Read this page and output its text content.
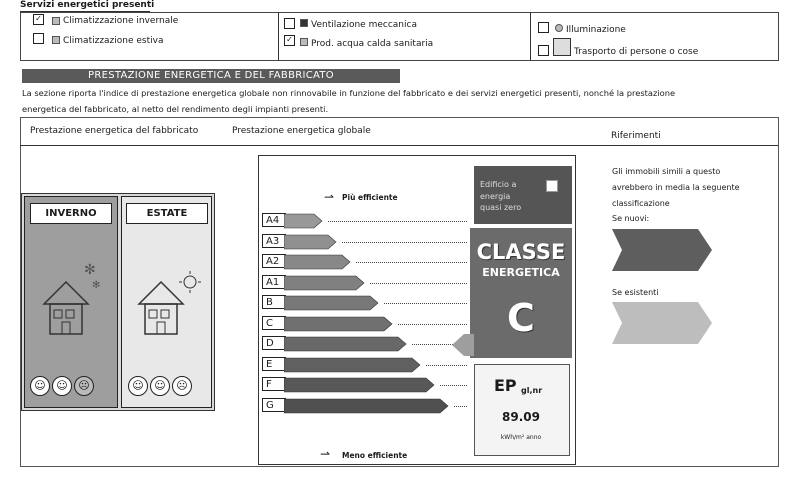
Servizi energetici presenti
✓ Climatizzazione invernale
Climatizzazione estiva
Ventilazione meccanica
✓ Prod. acqua calda sanitaria
Illuminazione
Trasporto di persone o cose
PRESTAZIONE ENERGETICA E DEL FABBRICATO
La sezione riporta l'indice di prestazione energetica globale non rinnovabile in funzione del fabbricato e dei servizi energetici presenti, nonché la prestazione
energetica del fabbricato, al netto del rendimento degli impianti presenti.
Prestazione energetica del fabbricato	Prestazione energetica globale	Riferimenti
INVERNO	ESTATE
✻
✻
☺ ☺ ☹	☺ ☺ ☹
⇀ Più efficiente
⇀ Meno efficiente
A4
A3
A2
A1
B
C
D
E
F
G
Edificio a
energia
quasi zero
CLASSE
ENERGETICA
C
EP gl,nr
89.09
kWh/m² anno
Gli immobili simili a questo
avrebbero in media la seguente
classificazione
Se nuovi:
Se esistenti
